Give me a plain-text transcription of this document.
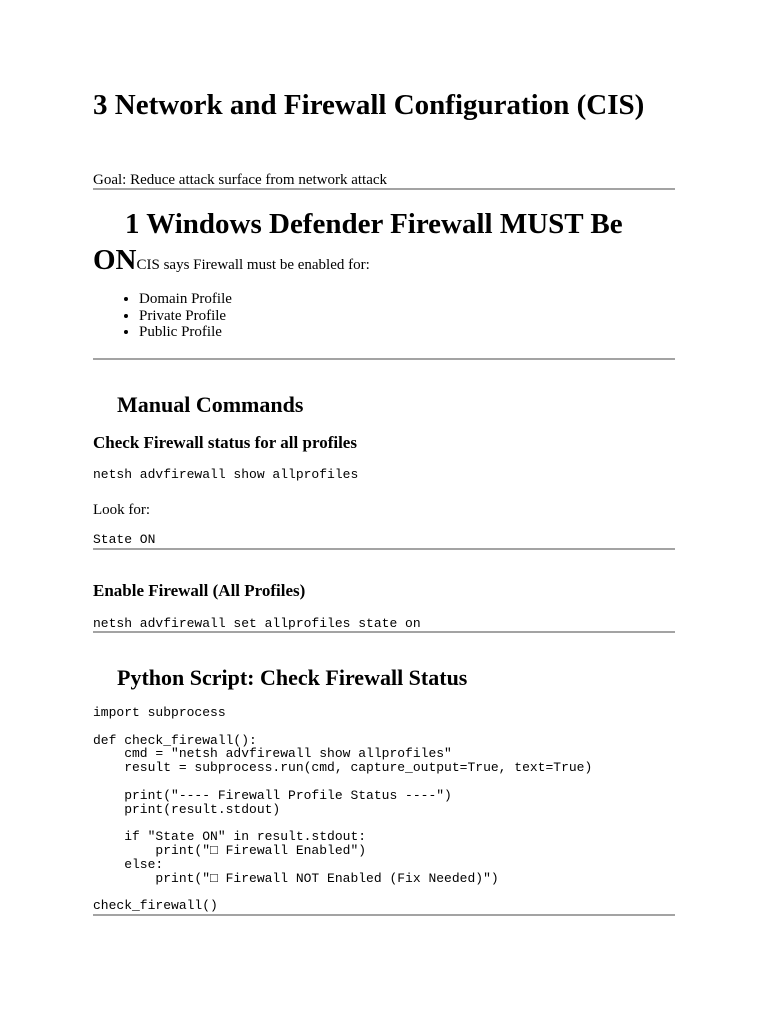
3 Network and Firewall Configuration (CIS)
Goal: Reduce attack surface from network attack
1 Windows Defender Firewall MUST Be
ONCIS says Firewall must be enabled for:
• Domain Profile
• Private Profile
• Public Profile
Manual Commands
Check Firewall status for all profiles
netsh advfirewall show allprofiles
Look for:
State ON
Enable Firewall (All Profiles)
netsh advfirewall set allprofiles state on
Python Script: Check Firewall Status
import subprocess

def check_firewall():
cmd = "netsh advfirewall show allprofiles"
result = subprocess.run(cmd, capture_output=True, text=True)

print("---- Firewall Profile Status ----")
print(result.stdout)

if "State ON" in result.stdout:
print("□ Firewall Enabled")
else:
print("□ Firewall NOT Enabled (Fix Needed)")

check_firewall()
